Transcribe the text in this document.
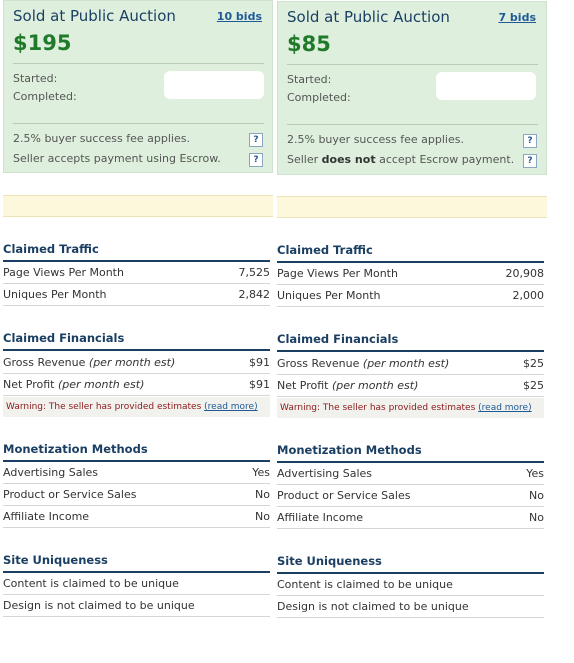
Sold at Public Auction	10 bids
$195
Started:
Completed:
2.5% buyer success fee applies.	?
Seller accepts payment using Escrow.	?
Claimed Traffic
Page Views Per Month	7,525
Uniques Per Month	2,842
Claimed Financials
Gross Revenue (per month est)	$91
Net Profit (per month est)	$91
Warning: The seller has provided estimates (read more)
Monetization Methods
Advertising Sales	Yes
Product or Service Sales	No
Affiliate Income	No
Site Uniqueness
Content is claimed to be unique
Design is not claimed to be unique
Sold at Public Auction	7 bids
$85
Started:
Completed:
2.5% buyer success fee applies.	?
Seller does not accept Escrow payment.	?
Claimed Traffic
Page Views Per Month	20,908
Uniques Per Month	2,000
Claimed Financials
Gross Revenue (per month est)	$25
Net Profit (per month est)	$25
Warning: The seller has provided estimates (read more)
Monetization Methods
Advertising Sales	Yes
Product or Service Sales	No
Affiliate Income	No
Site Uniqueness
Content is claimed to be unique
Design is not claimed to be unique
